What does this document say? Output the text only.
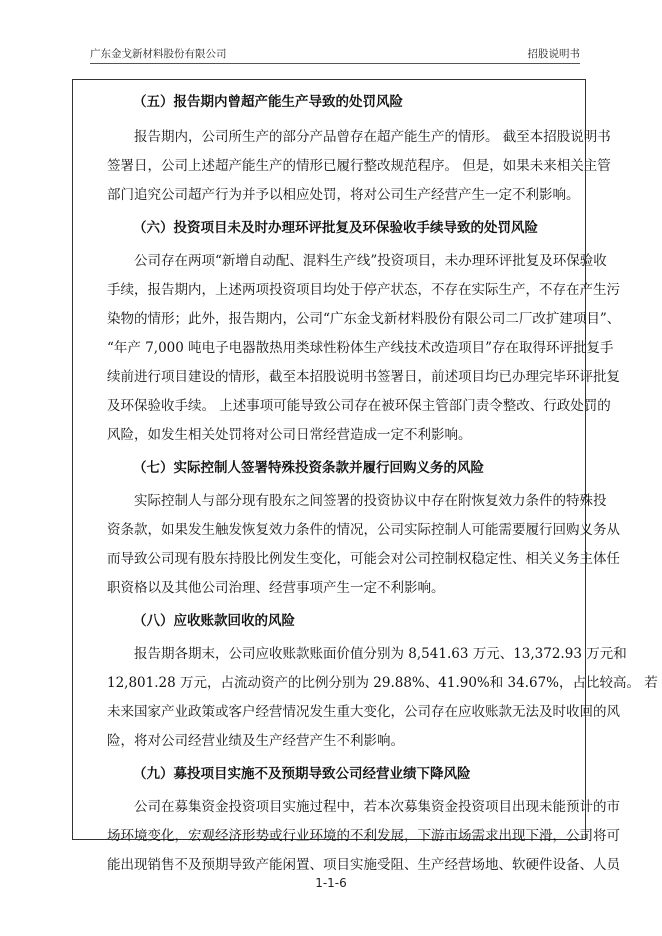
广东金戈新材料股份有限公司	招股说明书

（五）报告期内曾超产能生产导致的处罚风险

报告期内，公司所生产的部分产品曾存在超产能生产的情形。 截至本招股说明书
签署日，公司上述超产能生产的情形已履行整改规范程序。 但是，如果未来相关主管
部门追究公司超产行为并予以相应处罚，将对公司生产经营产生一定不利影响。

（六）投资项目未及时办理环评批复及环保验收手续导致的处罚风险

公司存在两项“新增自动配、混料生产线”投资项目，未办理环评批复及环保验收
手续，报告期内，上述两项投资项目均处于停产状态，不存在实际生产，不存在产生污
染物的情形；此外，报告期内，公司“广东金戈新材料股份有限公司二厂改扩建项目”、
“年产 7,000 吨电子电器散热用类球性粉体生产线技术改造项目”存在取得环评批复手
续前进行项目建设的情形，截至本招股说明书签署日，前述项目均已办理完毕环评批复
及环保验收手续。 上述事项可能导致公司存在被环保主管部门责令整改、行政处罚的
风险，如发生相关处罚将对公司日常经营造成一定不利影响。

（七）实际控制人签署特殊投资条款并履行回购义务的风险

实际控制人与部分现有股东之间签署的投资协议中存在附恢复效力条件的特殊投
资条款，如果发生触发恢复效力条件的情况，公司实际控制人可能需要履行回购义务从
而导致公司现有股东持股比例发生变化，可能会对公司控制权稳定性、相关义务主体任
职资格以及其他公司治理、经营事项产生一定不利影响。

（八）应收账款回收的风险

报告期各期末，公司应收账款账面价值分别为 8,541.63 万元、13,372.93 万元和
12,801.28 万元，占流动资产的比例分别为 29.88%、41.90%和 34.67%，占比较高。 若
未来国家产业政策或客户经营情况发生重大变化，公司存在应收账款无法及时收回的风
险，将对公司经营业绩及生产经营产生不利影响。

（九）募投项目实施不及预期导致公司经营业绩下降风险

公司在募集资金投资项目实施过程中，若本次募集资金投资项目出现未能预计的市
场环境变化，宏观经济形势或行业环境的不利发展，下游市场需求出现下滑，公司将可
能出现销售不及预期导致产能闲置、项目实施受阻、生产经营场地、软硬件设备、人员

1-1-6
